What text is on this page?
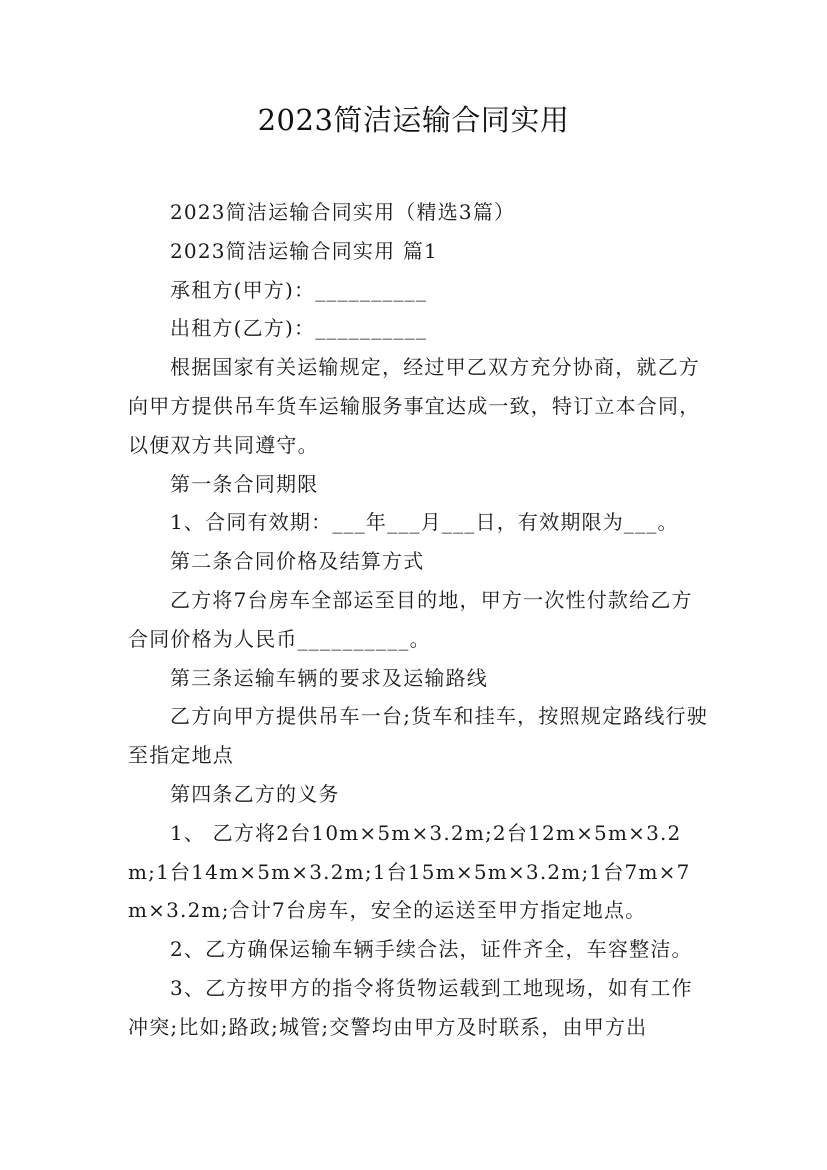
2023简洁运输合同实用

2023简洁运输合同实用（精选3篇）

2023简洁运输合同实用 篇1

承租方(甲方)：__________

出租方(乙方)：__________

根据国家有关运输规定，经过甲乙双方充分协商，就乙方向甲方提供吊车货车运输服务事宜达成一致，特订立本合同，以便双方共同遵守。

第一条合同期限

1、合同有效期：___年___月___日，有效期限为___。

第二条合同价格及结算方式

乙方将7台房车全部运至目的地，甲方一次性付款给乙方合同价格为人民币__________。

第三条运输车辆的要求及运输路线

乙方向甲方提供吊车一台;货车和挂车，按照规定路线行驶至指定地点

第四条乙方的义务

1、 乙方将2台10m×5m×3.2m;2台12m×5m×3.2m;1台14m×5m×3.2m;1台15m×5m×3.2m;1台7m×7m×3.2m;合计7台房车，安全的运送至甲方指定地点。

2、乙方确保运输车辆手续合法，证件齐全，车容整洁。

3、乙方按甲方的指令将货物运载到工地现场，如有工作冲突;比如;路政;城管;交警均由甲方及时联系，由甲方出
